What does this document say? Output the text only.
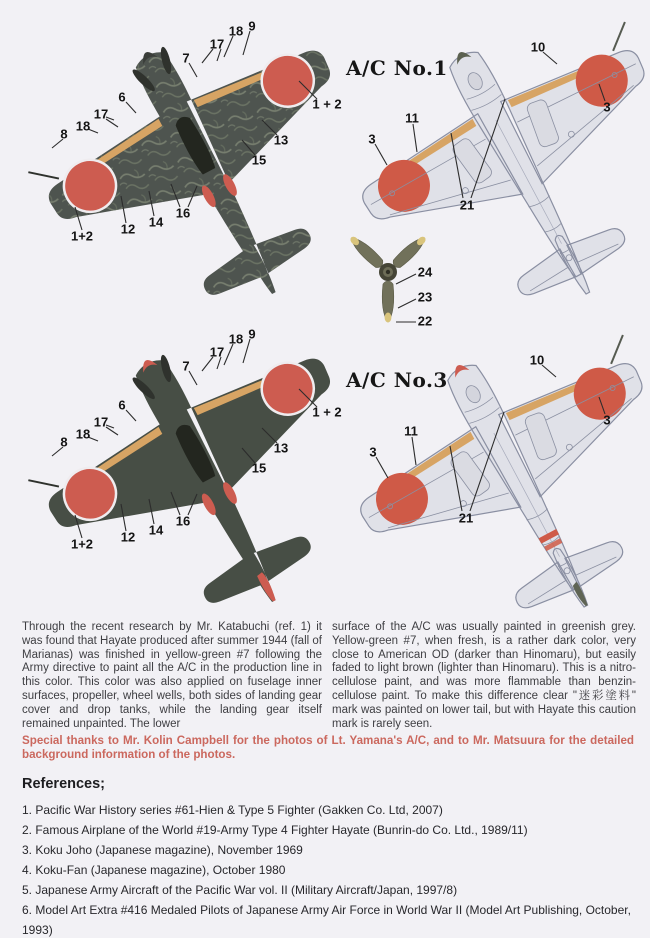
18 9
17
7
6
17
18
8
1 + 2
13
15
16
14
12
1+2
10
3
11
3
21
24
23
22
18 9
17
7
6
17
18
8
1 + 2
13
15
16
14
12
1+2
10
3
11
3
21
A/C No.1
A/C No.3
Through the recent research by Mr. Katabuchi (ref. 1) it was found that Hayate produced after summer 1944 (fall of Marianas) was finished in yellow-green #7 following the Army directive to paint all the A/C in the production line in this color. This color was also applied on fuselage inner surfaces, propeller, wheel wells, both sides of landing gear cover and drop tanks, while the landing gear itself remained unpainted. The lower
surface of the A/C was usually painted in greenish grey. Yellow-green #7, when fresh, is a rather dark color, very close to American OD (darker than Hinomaru), but easily faded to light brown (lighter than Hinomaru). This is a nitro-cellulose paint, and was more flammable than benzin-cellulose paint. To make this difference clear "迷彩塗料" mark was painted on lower tail, but with Hayate this caution mark is rarely seen.
Special thanks to Mr. Kolin Campbell for the photos of Lt. Yamana's A/C, and to Mr. Matsuura for the detailed background information of the photos.
References;
1. Pacific War History series #61-Hien & Type 5 Fighter (Gakken Co. Ltd, 2007)
2. Famous Airplane of the World #19-Army Type 4 Fighter Hayate (Bunrin-do Co. Ltd., 1989/11)
3. Koku Joho (Japanese magazine), November 1969
4. Koku-Fan (Japanese magazine), October 1980
5. Japanese Army Aircraft of the Pacific War vol. II (Military Aircraft/Japan, 1997/8)
6. Model Art Extra #416 Medaled Pilots of Japanese Army Air Force in World War II (Model Art Publishing, October, 1993)
